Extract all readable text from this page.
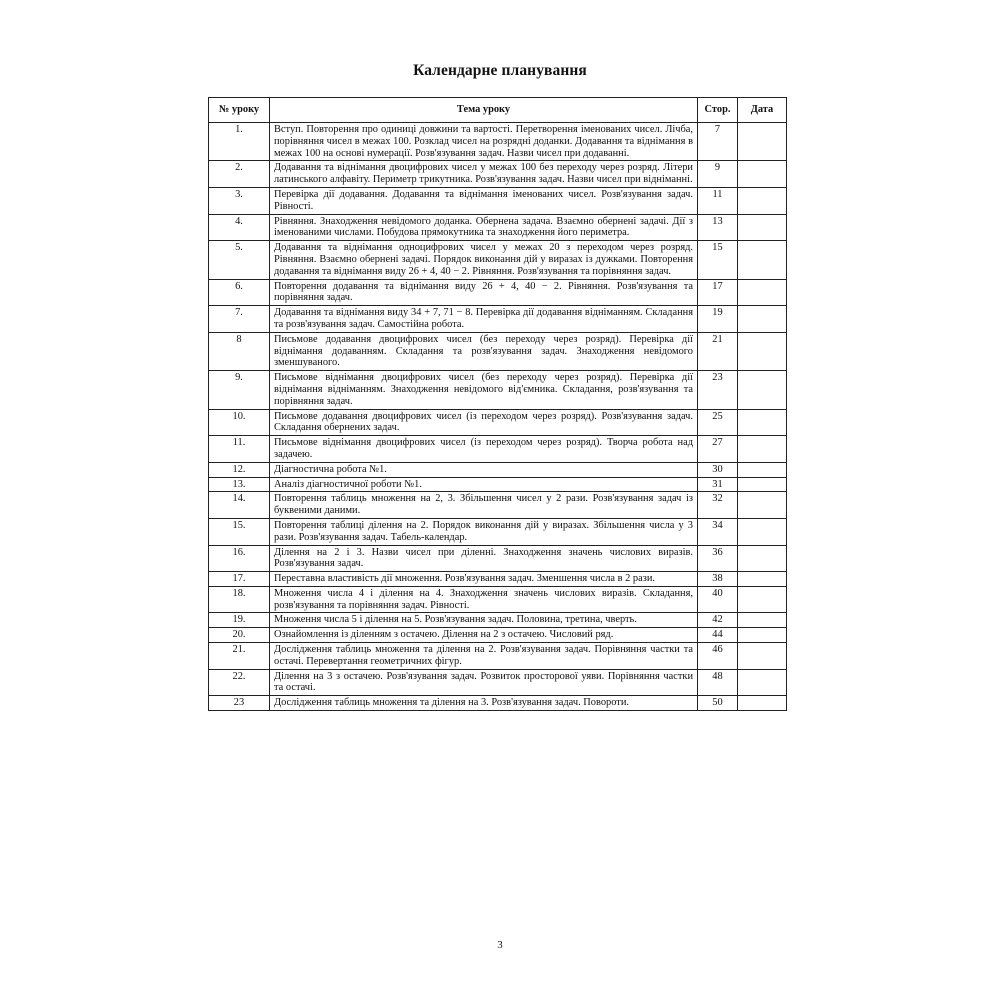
Календарне планування
№ уроку	Тема уроку	Стор.	Дата
1.	Вступ. Повторення про одиниці довжини та вартості. Перетворення іменованих чисел. Лічба, порівняння чисел в межах 100. Розклад чисел на розрядні доданки. Додавання та віднімання в межах 100 на основі нумерації. Розв'язування задач. Назви чисел при додаванні.	7	
2.	Додавання та віднімання двоцифрових чисел у межах 100 без переходу через розряд. Літери латинського алфавіту. Периметр трикутника. Розв'язування задач. Назви чисел при відніманні.	9	
3.	Перевірка дії додавання. Додавання та віднімання іменованих чисел. Розв'язування задач. Рівності.	11	
4.	Рівняння. Знаходження невідомого доданка. Обернена задача. Взаємно обернені задачі. Дії з іменованими числами. Побудова прямокутника та знаходження його периметра.	13	
5.	Додавання та віднімання одноцифрових чисел у межах 20 з переходом через розряд. Рівняння. Взаємно обернені задачі. Порядок виконання дій у виразах із дужками. Повторення додавання та віднімання виду 26 + 4, 40 − 2. Рівняння. Розв'язування та порівняння задач.	15	
6.	Повторення додавання та віднімання виду 26 + 4, 40 − 2. Рівняння. Розв'язування та порівняння задач.	17	
7.	Додавання та віднімання виду 34 + 7, 71 − 8. Перевірка дії додавання відніманням. Складання та розв'язування задач. Самостійна робота.	19	
8	Письмове додавання двоцифрових чисел (без переходу через розряд). Перевірка дії віднімання додаванням. Складання та розв'язування задач. Знаходження невідомого зменшуваного.	21	
9.	Письмове віднімання двоцифрових чисел (без переходу через розряд). Перевірка дії віднімання відніманням. Знаходження невідомого від'ємника. Складання, розв'язування та порівняння задач.	23	
10.	Письмове додавання двоцифрових чисел (із переходом через розряд). Розв'язування задач. Складання обернених задач.	25	
11.	Письмове віднімання двоцифрових чисел (із переходом через розряд). Творча робота над задачею.	27	
12.	Діагностична робота №1.	30	
13.	Аналіз діагностичної роботи №1.	31	
14.	Повторення таблиць множення на 2, 3. Збільшення чисел у 2 рази. Розв'язування задач із буквеними даними.	32	
15.	Повторення таблиці ділення на 2. Порядок виконання дій у виразах. Збільшення числа у 3 рази. Розв'язування задач. Табель-календар.	34	
16.	Ділення на 2 і 3. Назви чисел при діленні. Знаходження значень числових виразів. Розв'язування задач.	36	
17.	Переставна властивість дії множення. Розв'язування задач. Зменшення числа в 2 рази.	38	
18.	Множення числа 4 і ділення на 4. Знаходження значень числових виразів. Складання, розв'язування та порівняння задач. Рівності.	40	
19.	Множення числа 5 і ділення на 5. Розв'язування задач. Половина, третина, чверть.	42	
20.	Ознайомлення із діленням з остачею. Ділення на 2 з остачею. Числовий ряд.	44	
21.	Дослідження таблиць множення та ділення на 2. Розв'язування задач. Порівняння частки та остачі. Перевертання геометричних фігур.	46	
22.	Ділення на 3 з остачею. Розв'язування задач. Розвиток просторової уяви. Порівняння частки та остачі.	48	
23	Дослідження таблиць множення та ділення на 3. Розв'язування задач. Повороти.	50	
3
